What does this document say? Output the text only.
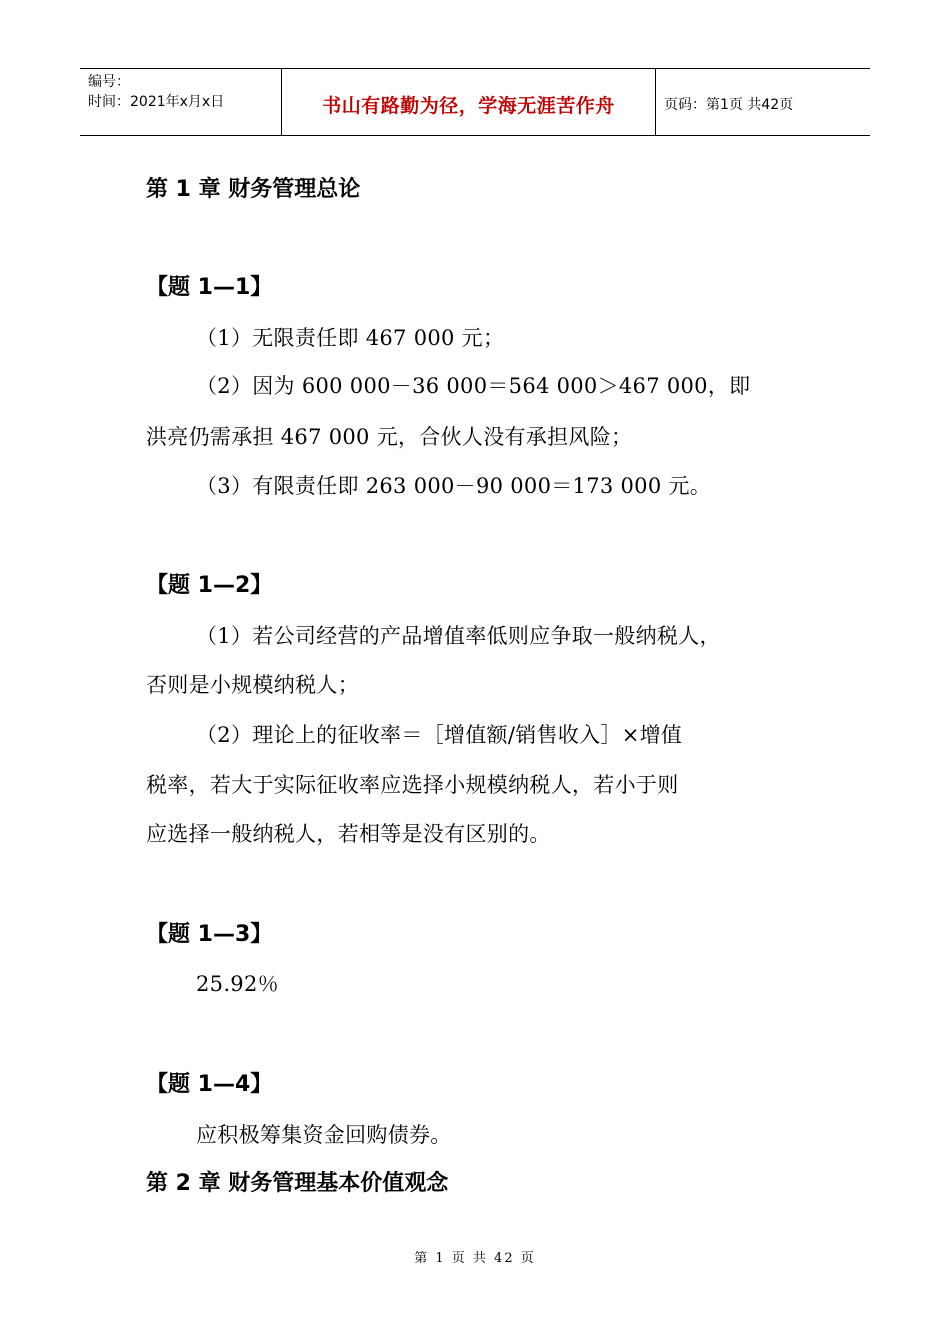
编号：
时间：2021年x月x日	书山有路勤为径，学海无涯苦作舟	页码：第1页 共42页
第 1 章 财务管理总论
【题 1—1】
（1）无限责任即 467 000 元；
（2）因为 600 000－36 000＝564 000＞467 000，即
洪亮仍需承担 467 000 元，合伙人没有承担风险；
（3）有限责任即 263 000－90 000＝173 000 元。
【题 1—2】
（1）若公司经营的产品增值率低则应争取一般纳税人，
否则是小规模纳税人；
（2）理论上的征收率＝［增值额/销售收入］×增值
税率，若大于实际征收率应选择小规模纳税人，若小于则
应选择一般纳税人，若相等是没有区别的。
【题 1—3】
25.92％
【题 1—4】
应积极筹集资金回购债券。
第 2 章 财务管理基本价值观念
第 1 页 共 42 页
